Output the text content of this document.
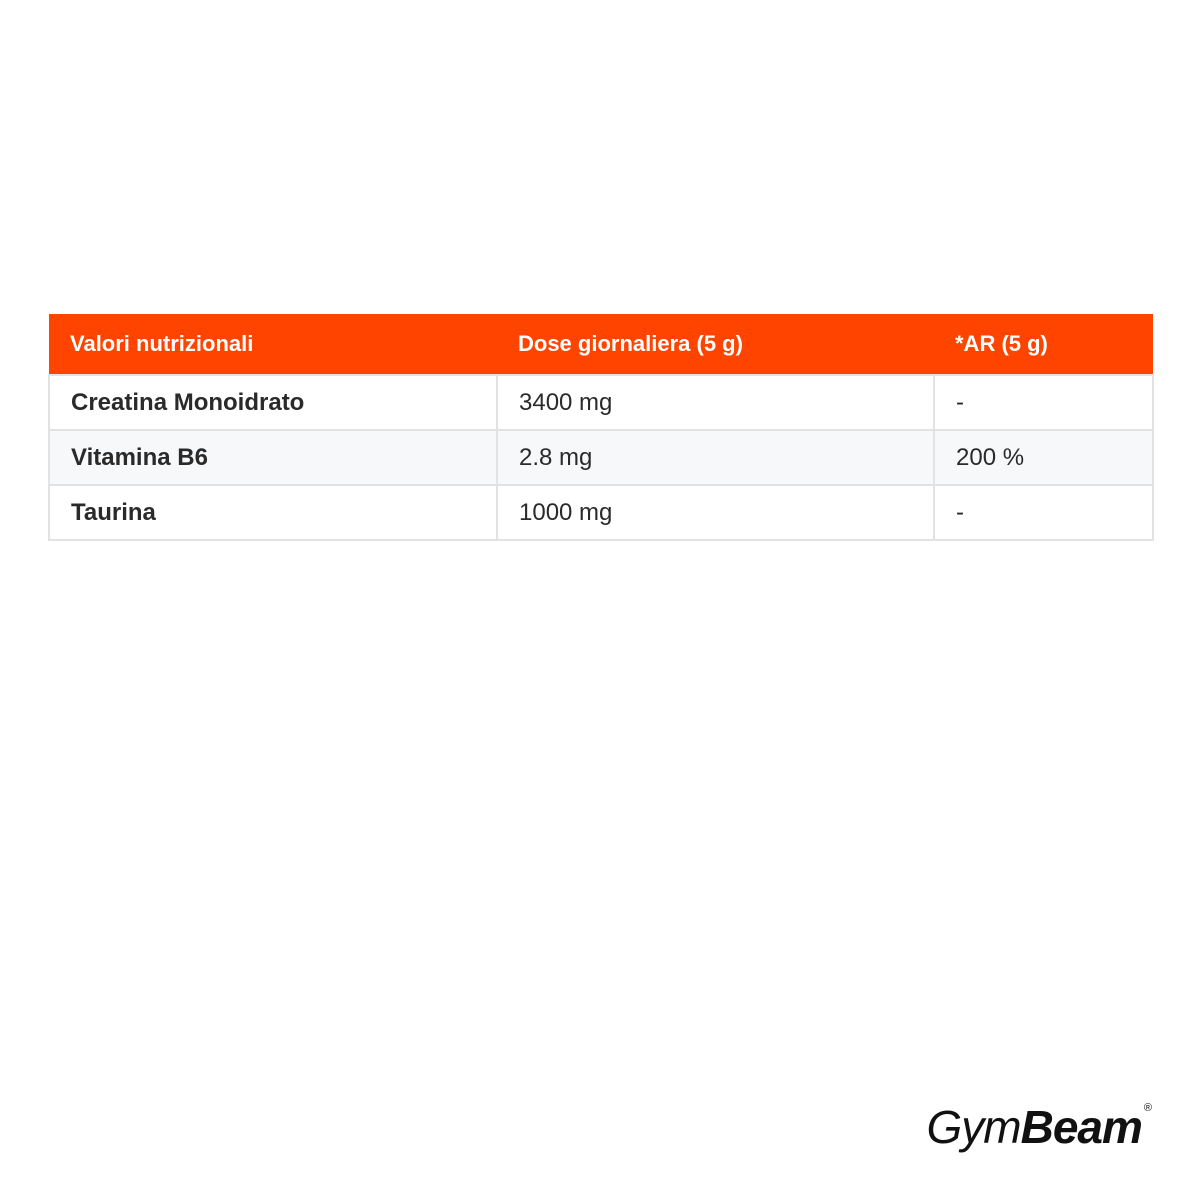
Valori nutrizionali	Dose giornaliera (5 g)	*AR (5 g)
Creatina Monoidrato	3400 mg	-
Vitamina B6	2.8 mg	200 %
Taurina	1000 mg	-
Gym Beam ®
